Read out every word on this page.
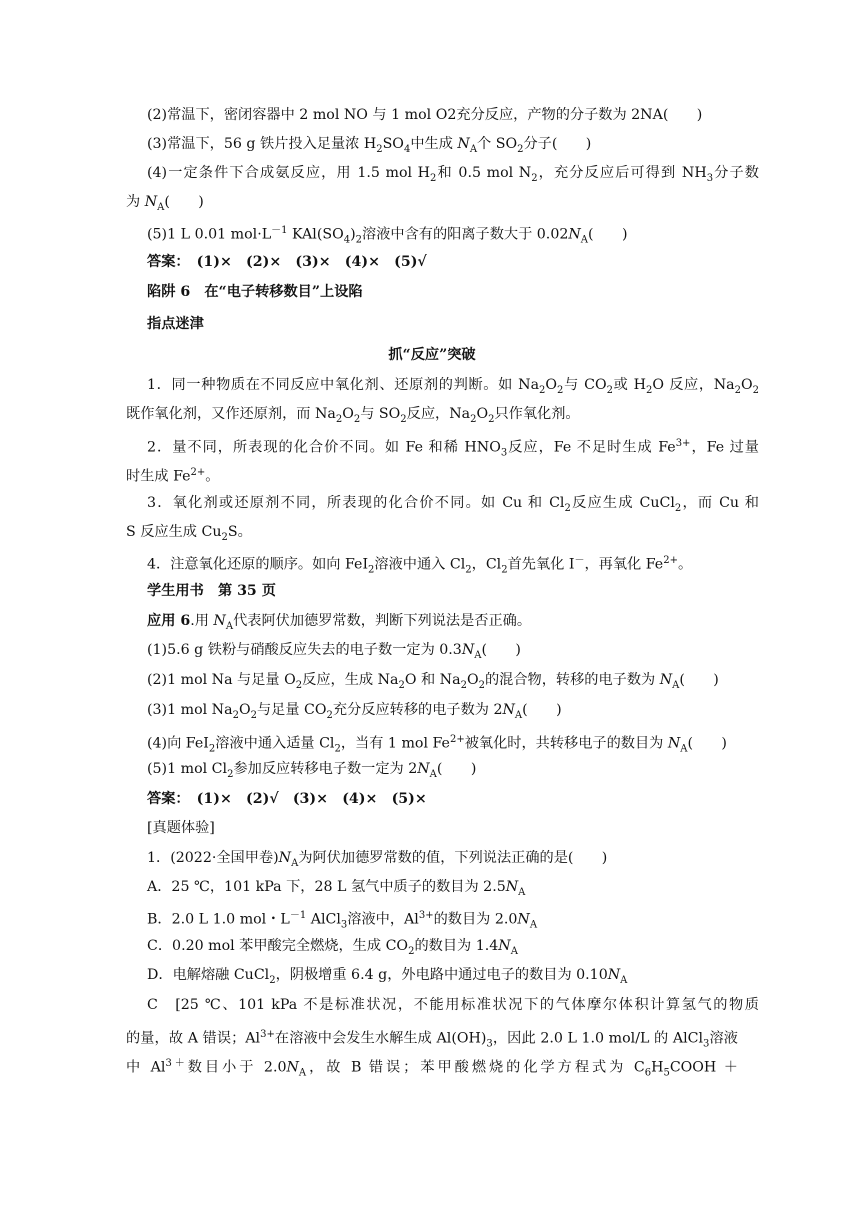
(2)常温下，密闭容器中 2 mol NO 与 1 mol O2充分反应，产物的分子数为 2NA(　　)
(3)常温下，56 g 铁片投入足量浓 $H_2SO_4$中生成 $N_A$个 $SO_2$分子(　　)
(4)一定条件下合成氨反应，用 1.5 mol $H_2$和 0.5 mol $N_2$，充分反应后可得到 $NH_3$分子数
为 $N_A$(　　)
(5)1 L 0.01 $mol\cdot L^{-1}$ $KAl(SO_4)_2$溶液中含有的阳离子数大于 $0.02N_A$(　　)
答案：　(1)×　(2)×　(3)×　(4)×　(5)√
陷阱 6　在“电子转移数目”上设陷
指点迷津
抓“反应”突破
1．同一种物质在不同反应中氧化剂、还原剂的判断。如 $Na_2O_2$与 $CO_2$或 $H_2O$ 反应，$Na_2O_2$
既作氧化剂，又作还原剂，而 $Na_2O_2$与 $SO_2$反应，$Na_2O_2$只作氧化剂。
2．量不同，所表现的化合价不同。如 Fe 和稀 $HNO_3$反应，Fe 不足时生成 $Fe^{3+}$，Fe 过量
时生成 $Fe^{2+}$。
3．氧化剂或还原剂不同，所表现的化合价不同。如 Cu 和 $Cl_2$反应生成 CuCl$_2$，而 Cu 和
S 反应生成 $Cu_2S$。
4．注意氧化还原的顺序。如向 FeI$_2$溶液中通入 $Cl_2$，$Cl_2$首先氧化 I－，再氧化 $Fe^{2+}$。
学生用书　第 35 页
应用 6.用 $N_A$代表阿伏加德罗常数，判断下列说法是否正确。
(1)5.6 g 铁粉与硝酸反应失去的电子数一定为 $0.3N_A$(　　)
(2)1 mol Na 与足量 $O_2$反应，生成 $Na_2O$ 和 $Na_2O_2$的混合物，转移的电子数为 $N_A$(　　)
(3)1 mol $Na_2O_2$与足量 $CO_2$充分反应转移的电子数为 $2N_A$(　　)
(4)向 FeI$_2$溶液中通入适量 $Cl_2$，当有 1 mol $Fe^{2+}$被氧化时，共转移电子的数目为 $N_A$(　　)
(5)1 mol $Cl_2$参加反应转移电子数一定为 $2N_A$(　　)
答案：　(1)×　(2)√　(3)×　(4)×　(5)×
[真题体验]
1．(2022·全国甲卷)$N_A$为阿伏加德罗常数的值，下列说法正确的是(　　)
A．25 ℃，101 kPa 下，28 L 氢气中质子的数目为 $2.5N_A$
B．2.0 L 1.0 mol・$L^{-1}$ AlCl$_3$溶液中，$Al^{3+}$的数目为 $2.0N_A$
C．0.20 mol 苯甲酸完全燃烧，生成 $CO_2$的数目为 $1.4N_A$
D．电解熔融 CuCl$_2$，阴极增重 6.4 g，外电路中通过电子的数目为 $0.10N_A$
C　[25 ℃、101 kPa 不是标准状况，不能用标准状况下的气体摩尔体积计算氢气的物质
的量，故 A 错误；$Al^{3+}$在溶液中会发生水解生成 $Al(OH)_3$，因此 2.0 L 1.0 mol/L 的 AlCl$_3$溶液
中 $Al^{3+}$数目小于 $2.0N_A$，故 B 错误；苯甲酸燃烧的化学方程式为 $C_6H_5COOH$ ＋
